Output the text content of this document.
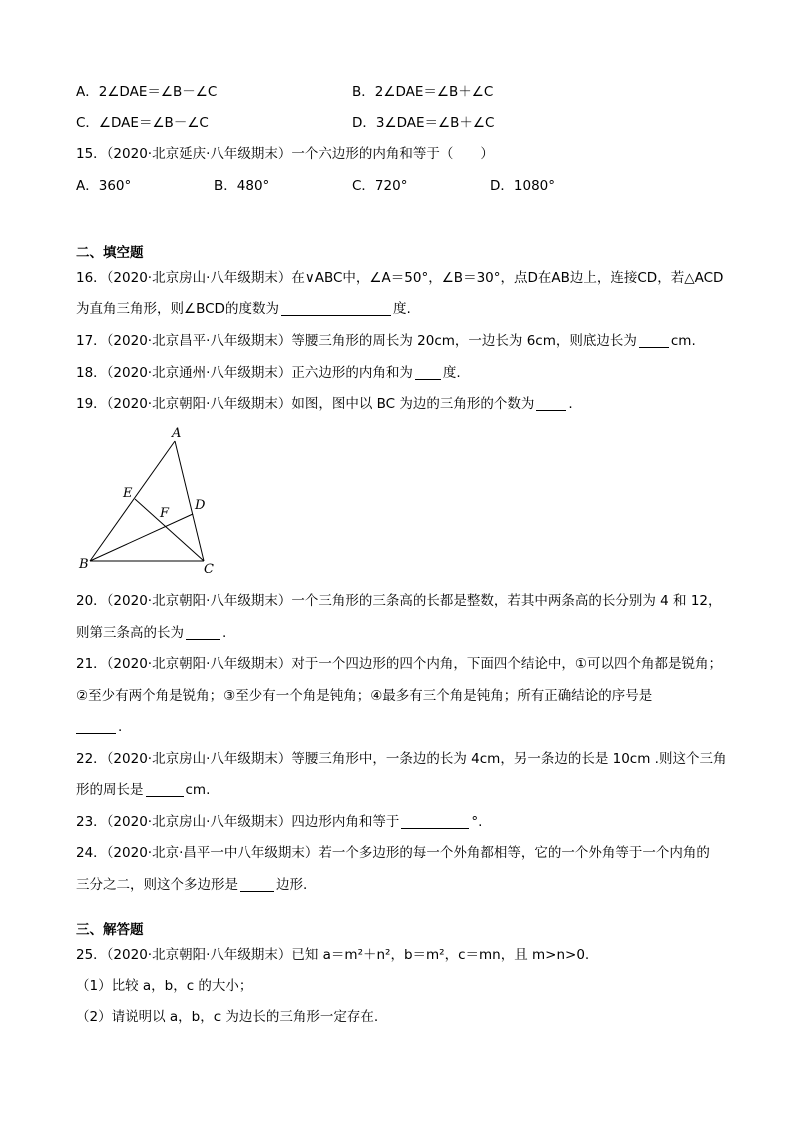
A．2∠DAE＝∠B－∠C	B．2∠DAE＝∠B＋∠C
C．∠DAE＝∠B－∠C	D．3∠DAE＝∠B＋∠C
15．（2020·北京延庆·八年级期末）一个六边形的内角和等于（　　）
A．360°	B．480°	C．720°	D．1080°
二、填空题
16．（2020·北京房山·八年级期末）在∨ABC中，∠A＝50°，∠B＝30°，点D在AB边上，连接CD，若△ACD
为直角三角形，则∠BCD的度数为	度.
17．（2020·北京昌平·八年级期末）等腰三角形的周长为 20cm，一边长为 6cm，则底边长为	cm.
18．（2020·北京通州·八年级期末）正六边形的内角和为 度.
19．（2020·北京朝阳·八年级期末）如图，图中以 BC 为边的三角形的个数为	.
A
B	C
D
E
F
20．（2020·北京朝阳·八年级期末）一个三角形的三条高的长都是整数，若其中两条高的长分别为 4 和 12，
则第三条高的长为	.
21．（2020·北京朝阳·八年级期末）对于一个四边形的四个内角，下面四个结论中，①可以四个角都是锐角；
②至少有两个角是锐角；③至少有一个角是钝角；④最多有三个角是钝角；所有正确结论的序号是
.
22．（2020·北京房山·八年级期末）等腰三角形中，一条边的长为 4cm，另一条边的长是 10cm .则这个三角
形的周长是	cm.
23．（2020·北京房山·八年级期末）四边形内角和等于	°.
24．（2020·北京·昌平一中八年级期末）若一个多边形的每一个外角都相等，它的一个外角等于一个内角的
三分之二，则这个多边形是	边形.
三、解答题
25．（2020·北京朝阳·八年级期末）已知 a＝m²＋n²，b＝m²，c＝mn，且 m>n>0.
（1）比较 a，b，c 的大小；
（2）请说明以 a，b，c 为边长的三角形一定存在.
